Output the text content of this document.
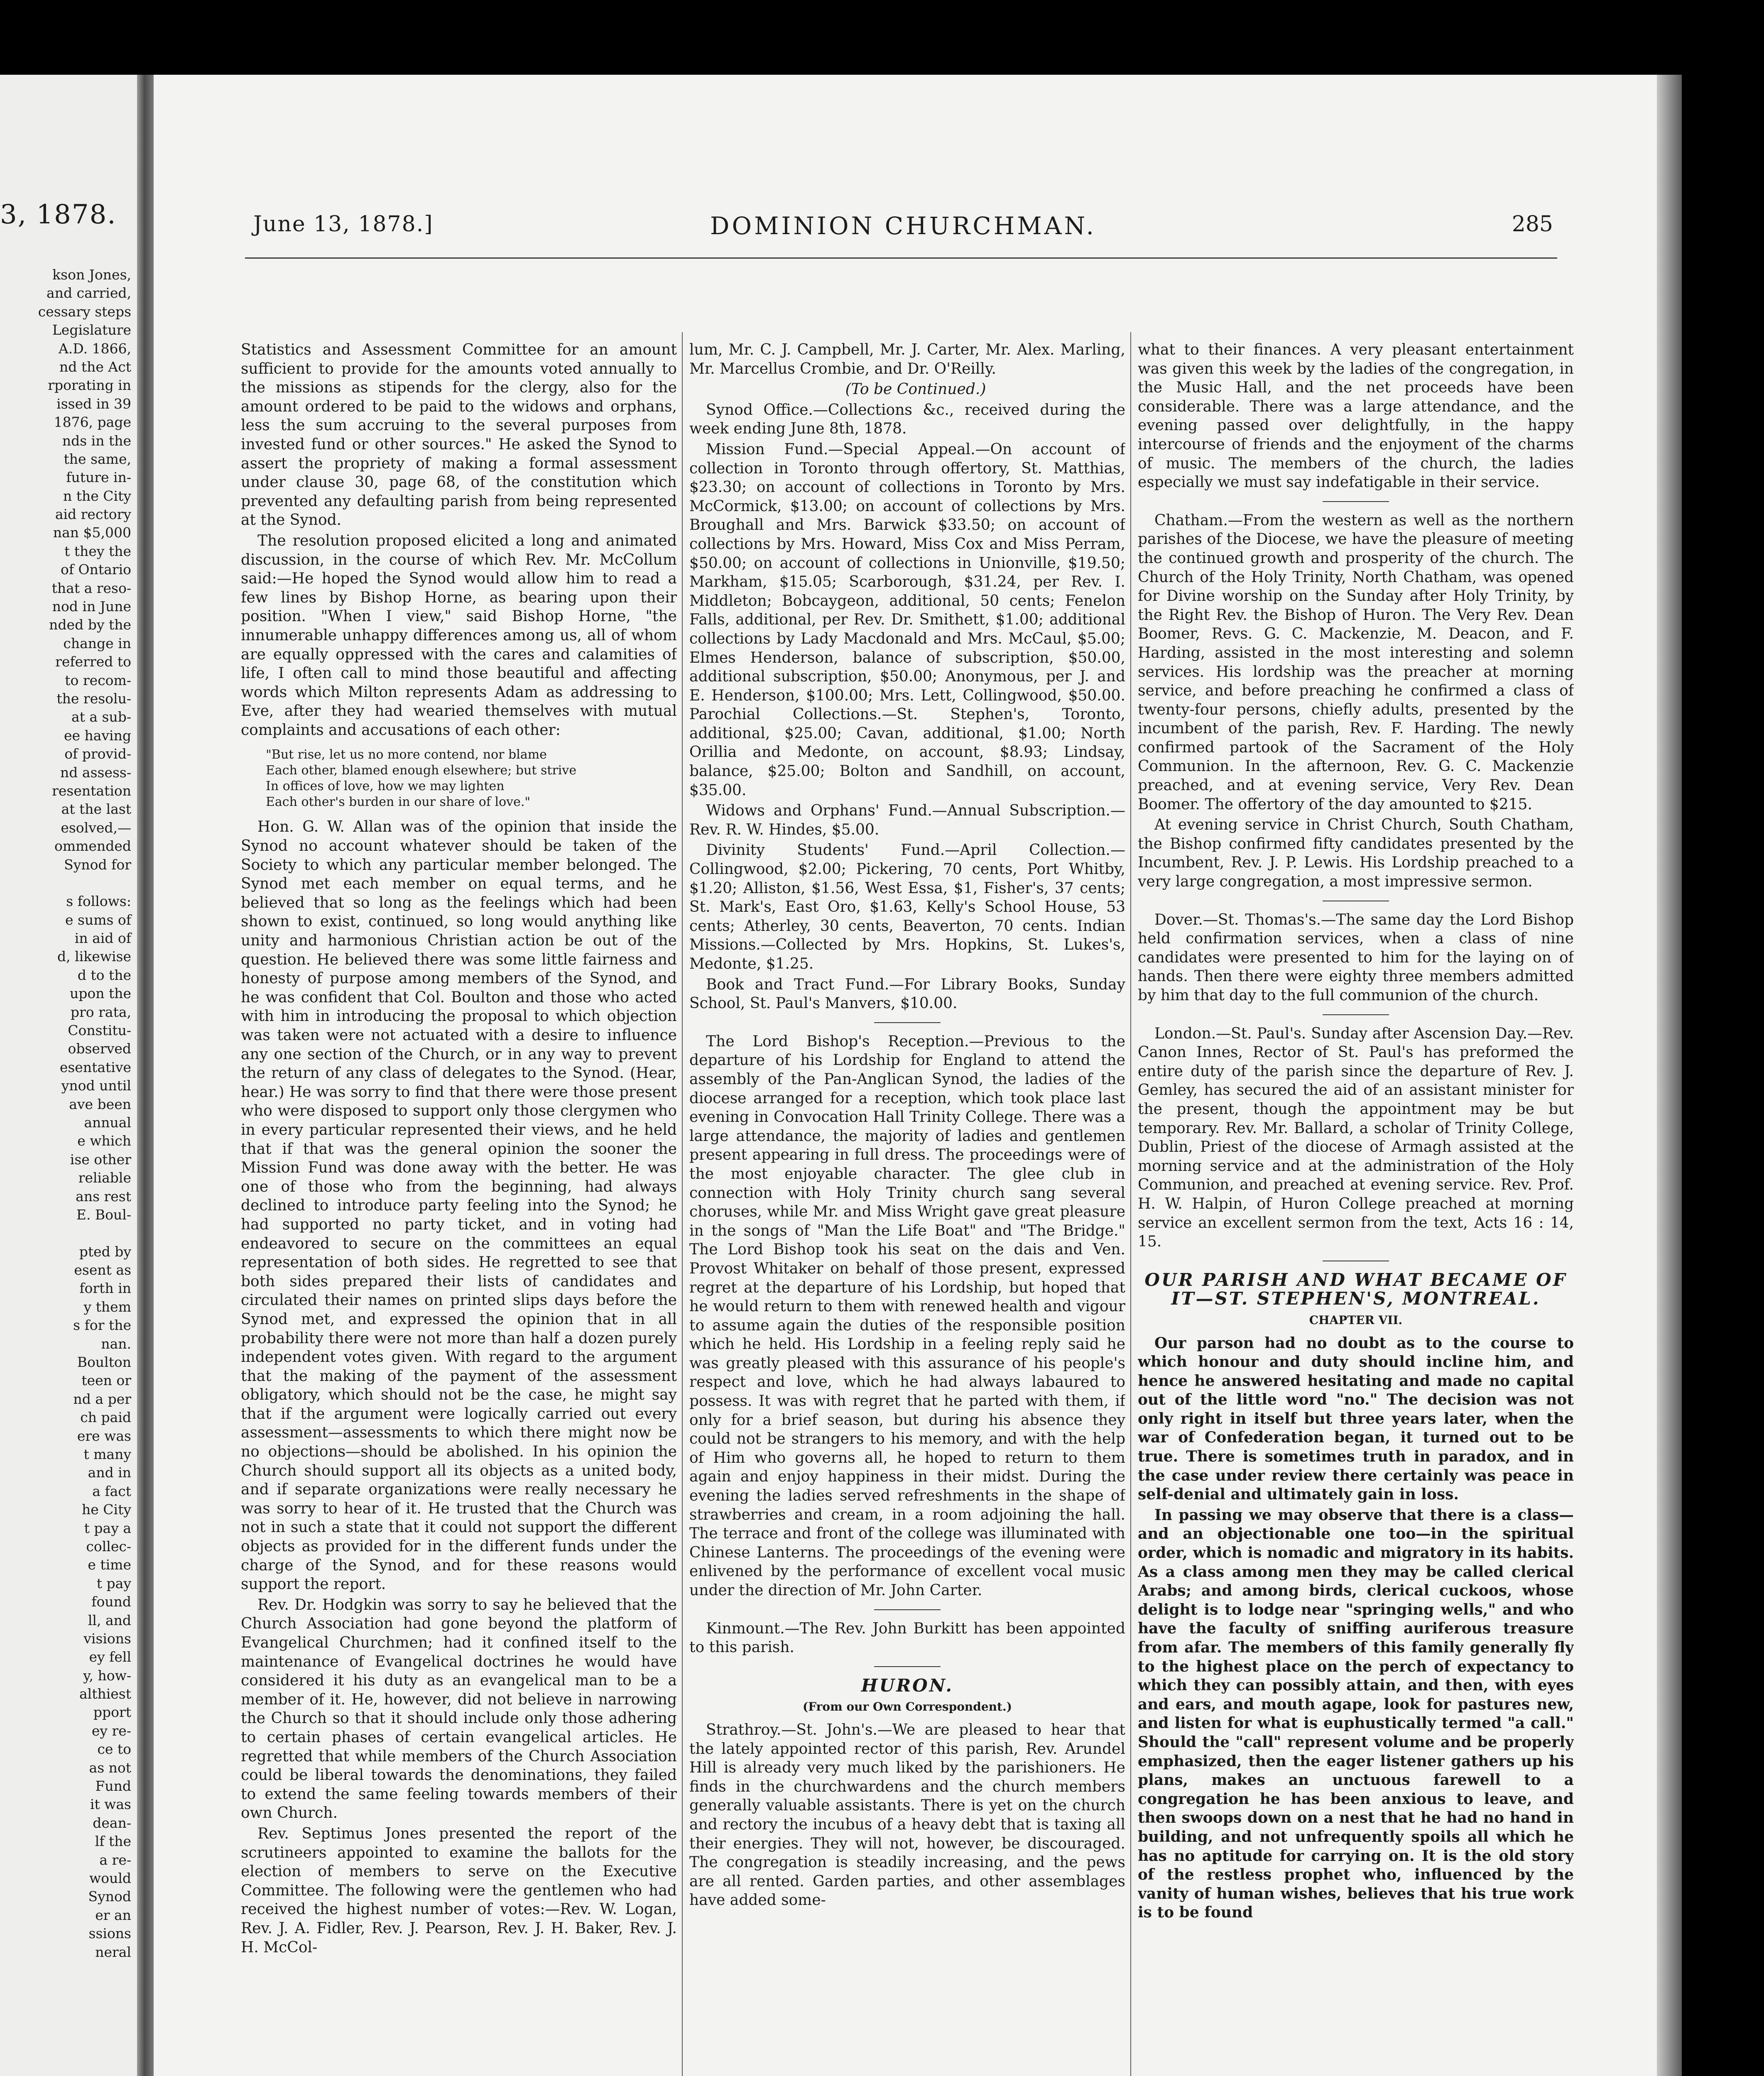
3, 1878.
kson Jones,
and carried,
cessary steps
Legislature
A.D. 1866,
nd the Act
rporating in
issed in 39
1876, page
nds in the
the same,
future in-
n the City
aid rectory
nan $5,000
t they the
of Ontario
that a reso-
nod in June
nded by the
change in
referred to
to recom-
the resolu-
at a sub-
ee having
of provid-
nd assess-
resentation
at the last
esolved,—
ommended
Synod for
s follows:
e sums of
in aid of
d, likewise
d to the
upon the
pro rata,
Constitu-
observed
esentative
ynod until
ave been
annual
e which
ise other
reliable
ans rest
E. Boul-
pted by
esent as
forth in
y them
s for the
nan.
Boulton
teen or
nd a per
ch paid
ere was
t many
and in
a fact
he City
t pay a
collec-
e time
t pay
found
ll, and
visions
ey fell
y, how-
althiest
pport
ey re-
ce to
as not
Fund
it was
dean-
lf the
a re-
would
Synod
er an
ssions
neral
June 13, 1878.]	DOMINION CHURCHMAN.	285

Statistics and Assessment Committee for an amount sufficient to provide for the amounts voted annually to the missions as stipends for the clergy, also for the amount ordered to be paid to the widows and orphans, less the sum accruing to the several purposes from invested fund or other sources." He asked the Synod to assert the propriety of making a formal assessment under clause 30, page 68, of the constitution which prevented any defaulting parish from being represented at the Synod.

The resolution proposed elicited a long and animated discussion, in the course of which Rev. Mr. McCollum said:—He hoped the Synod would allow him to read a few lines by Bishop Horne, as bearing upon their position. "When I view," said Bishop Horne, "the innumerable unhappy differences among us, all of whom are equally oppressed with the cares and calamities of life, I often call to mind those beautiful and affecting words which Milton represents Adam as addressing to Eve, after they had wearied themselves with mutual complaints and accusations of each other:

"But rise, let us no more contend, nor blame
Each other, blamed enough elsewhere; but strive
In offices of love, how we may lighten
Each other's burden in our share of love."

Hon. G. W. Allan was of the opinion that inside the Synod no account whatever should be taken of the Society to which any particular member belonged. The Synod met each member on equal terms, and he believed that so long as the feelings which had been shown to exist, continued, so long would anything like unity and harmonious Christian action be out of the question. He believed there was some little fairness and honesty of purpose among members of the Synod, and he was confident that Col. Boulton and those who acted with him in introducing the proposal to which objection was taken were not actuated with a desire to influence any one section of the Church, or in any way to prevent the return of any class of delegates to the Synod. (Hear, hear.) He was sorry to find that there were those present who were disposed to support only those clergymen who in every particular represented their views, and he held that if that was the general opinion the sooner the Mission Fund was done away with the better. He was one of those who from the beginning, had always declined to introduce party feeling into the Synod; he had supported no party ticket, and in voting had endeavored to secure on the committees an equal representation of both sides. He regretted to see that both sides prepared their lists of candidates and circulated their names on printed slips days before the Synod met, and expressed the opinion that in all probability there were not more than half a dozen purely independent votes given. With regard to the argument that the making of the payment of the assessment obligatory, which should not be the case, he might say that if the argument were logically carried out every assessment—assessments to which there might now be no objections—should be abolished. In his opinion the Church should support all its objects as a united body, and if separate organizations were really necessary he was sorry to hear of it. He trusted that the Church was not in such a state that it could not support the different objects as provided for in the different funds under the charge of the Synod, and for these reasons would support the report.

Rev. Dr. Hodgkin was sorry to say he believed that the Church Association had gone beyond the platform of Evangelical Churchmen; had it confined itself to the maintenance of Evangelical doctrines he would have considered it his duty as an evangelical man to be a member of it. He, however, did not believe in narrowing the Church so that it should include only those adhering to certain phases of certain evangelical articles. He regretted that while members of the Church Association could be liberal towards the denominations, they failed to extend the same feeling towards members of their own Church.

Rev. Septimus Jones presented the report of the scrutineers appointed to examine the ballots for the election of members to serve on the Executive Committee. The following were the gentlemen who had received the highest number of votes:—Rev. W. Logan, Rev. J. A. Fidler, Rev. J. Pearson, Rev. J. H. Baker, Rev. J. H. McCol-

lum, Mr. C. J. Campbell, Mr. J. Carter, Mr. Alex. Marling, Mr. Marcellus Crombie, and Dr. O'Reilly.

(To be Continued.)

Synod Office.—Collections &c., received during the week ending June 8th, 1878.

Mission Fund.—Special Appeal.—On account of collection in Toronto through offertory, St. Matthias, $23.30; on account of collections in Toronto by Mrs. McCormick, $13.00; on account of collections by Mrs. Broughall and Mrs. Barwick $33.50; on account of collections by Mrs. Howard, Miss Cox and Miss Perram, $50.00; on account of collections in Unionville, $19.50; Markham, $15.05; Scarborough, $31.24, per Rev. I. Middleton; Bobcaygeon, additional, 50 cents; Fenelon Falls, additional, per Rev. Dr. Smithett, $1.00; additional collections by Lady Macdonald and Mrs. McCaul, $5.00; Elmes Henderson, balance of subscription, $50.00, additional subscription, $50.00; Anonymous, per J. and E. Henderson, $100.00; Mrs. Lett, Collingwood, $50.00. Parochial Collections.—St. Stephen's, Toronto, additional, $25.00; Cavan, additional, $1.00; North Orillia and Medonte, on account, $8.93; Lindsay, balance, $25.00; Bolton and Sandhill, on account, $35.00.

Widows and Orphans' Fund.—Annual Subscription.—Rev. R. W. Hindes, $5.00.

Divinity Students' Fund.—April Collection.—Collingwood, $2.00; Pickering, 70 cents, Port Whitby, $1.20; Alliston, $1.56, West Essa, $1, Fisher's, 37 cents; St. Mark's, East Oro, $1.63, Kelly's School House, 53 cents; Atherley, 30 cents, Beaverton, 70 cents. Indian Missions.—Collected by Mrs. Hopkins, St. Lukes's, Medonte, $1.25.

Book and Tract Fund.—For Library Books, Sunday School, St. Paul's Manvers, $10.00.

The Lord Bishop's Reception.—Previous to the departure of his Lordship for England to attend the assembly of the Pan-Anglican Synod, the ladies of the diocese arranged for a reception, which took place last evening in Convocation Hall Trinity College. There was a large attendance, the majority of ladies and gentlemen present appearing in full dress. The proceedings were of the most enjoyable character. The glee club in connection with Holy Trinity church sang several choruses, while Mr. and Miss Wright gave great pleasure in the songs of "Man the Life Boat" and "The Bridge." The Lord Bishop took his seat on the dais and Ven. Provost Whitaker on behalf of those present, expressed regret at the departure of his Lordship, but hoped that he would return to them with renewed health and vigour to assume again the duties of the responsible position which he held. His Lordship in a feeling reply said he was greatly pleased with this assurance of his people's respect and love, which he had always labaured to possess. It was with regret that he parted with them, if only for a brief season, but during his absence they could not be strangers to his memory, and with the help of Him who governs all, he hoped to return to them again and enjoy happiness in their midst. During the evening the ladies served refreshments in the shape of strawberries and cream, in a room adjoining the hall. The terrace and front of the college was illuminated with Chinese Lanterns. The proceedings of the evening were enlivened by the performance of excellent vocal music under the direction of Mr. John Carter.

Kinmount.—The Rev. John Burkitt has been appointed to this parish.

HURON.
(From our Own Correspondent.)

Strathroy.—St. John's.—We are pleased to hear that the lately appointed rector of this parish, Rev. Arundel Hill is already very much liked by the parishioners. He finds in the churchwardens and the church members generally valuable assistants. There is yet on the church and rectory the incubus of a heavy debt that is taxing all their energies. They will not, however, be discouraged. The congregation is steadily increasing, and the pews are all rented. Garden parties, and other assemblages have added some-

what to their finances. A very pleasant entertainment was given this week by the ladies of the congregation, in the Music Hall, and the net proceeds have been considerable. There was a large attendance, and the evening passed over delightfully, in the happy intercourse of friends and the enjoyment of the charms of music. The members of the church, the ladies especially we must say indefatigable in their service.

Chatham.—From the western as well as the northern parishes of the Diocese, we have the pleasure of meeting the continued growth and prosperity of the church. The Church of the Holy Trinity, North Chatham, was opened for Divine worship on the Sunday after Holy Trinity, by the Right Rev. the Bishop of Huron. The Very Rev. Dean Boomer, Revs. G. C. Mackenzie, M. Deacon, and F. Harding, assisted in the most interesting and solemn services. His lordship was the preacher at morning service, and before preaching he confirmed a class of twenty-four persons, chiefly adults, presented by the incumbent of the parish, Rev. F. Harding. The newly confirmed partook of the Sacrament of the Holy Communion. In the afternoon, Rev. G. C. Mackenzie preached, and at evening service, Very Rev. Dean Boomer. The offertory of the day amounted to $215.

At evening service in Christ Church, South Chatham, the Bishop confirmed fifty candidates presented by the Incumbent, Rev. J. P. Lewis. His Lordship preached to a very large congregation, a most impressive sermon.

Dover.—St. Thomas's.—The same day the Lord Bishop held confirmation services, when a class of nine candidates were presented to him for the laying on of hands. Then there were eighty three members admitted by him that day to the full communion of the church.

London.—St. Paul's. Sunday after Ascension Day.—Rev. Canon Innes, Rector of St. Paul's has preformed the entire duty of the parish since the departure of Rev. J. Gemley, has secured the aid of an assistant minister for the present, though the appointment may be but temporary. Rev. Mr. Ballard, a scholar of Trinity College, Dublin, Priest of the diocese of Armagh assisted at the morning service and at the administration of the Holy Communion, and preached at evening service. Rev. Prof. H. W. Halpin, of Huron College preached at morning service an excellent sermon from the text, Acts 16 : 14, 15.

OUR PARISH AND WHAT BECAME OF IT—ST. STEPHEN'S, MONTREAL.
CHAPTER VII.

Our parson had no doubt as to the course to which honour and duty should incline him, and hence he answered hesitating and made no capital out of the little word "no." The decision was not only right in itself but three years later, when the war of Confederation began, it turned out to be true. There is sometimes truth in paradox, and in the case under review there certainly was peace in self-denial and ultimately gain in loss.

In passing we may observe that there is a class—and an objectionable one too—in the spiritual order, which is nomadic and migratory in its habits. As a class among men they may be called clerical Arabs; and among birds, clerical cuckoos, whose delight is to lodge near "springing wells," and who have the faculty of sniffing auriferous treasure from afar. The members of this family generally fly to the highest place on the perch of expectancy to which they can possibly attain, and then, with eyes and ears, and mouth agape, look for pastures new, and listen for what is euphustically termed "a call." Should the "call" represent volume and be properly emphasized, then the eager listener gathers up his plans, makes an unctuous farewell to a congregation he has been anxious to leave, and then swoops down on a nest that he had no hand in building, and not unfrequently spoils all which he has no aptitude for carrying on. It is the old story of the restless prophet who, influenced by the vanity of human wishes, believes that his true work is to be found
